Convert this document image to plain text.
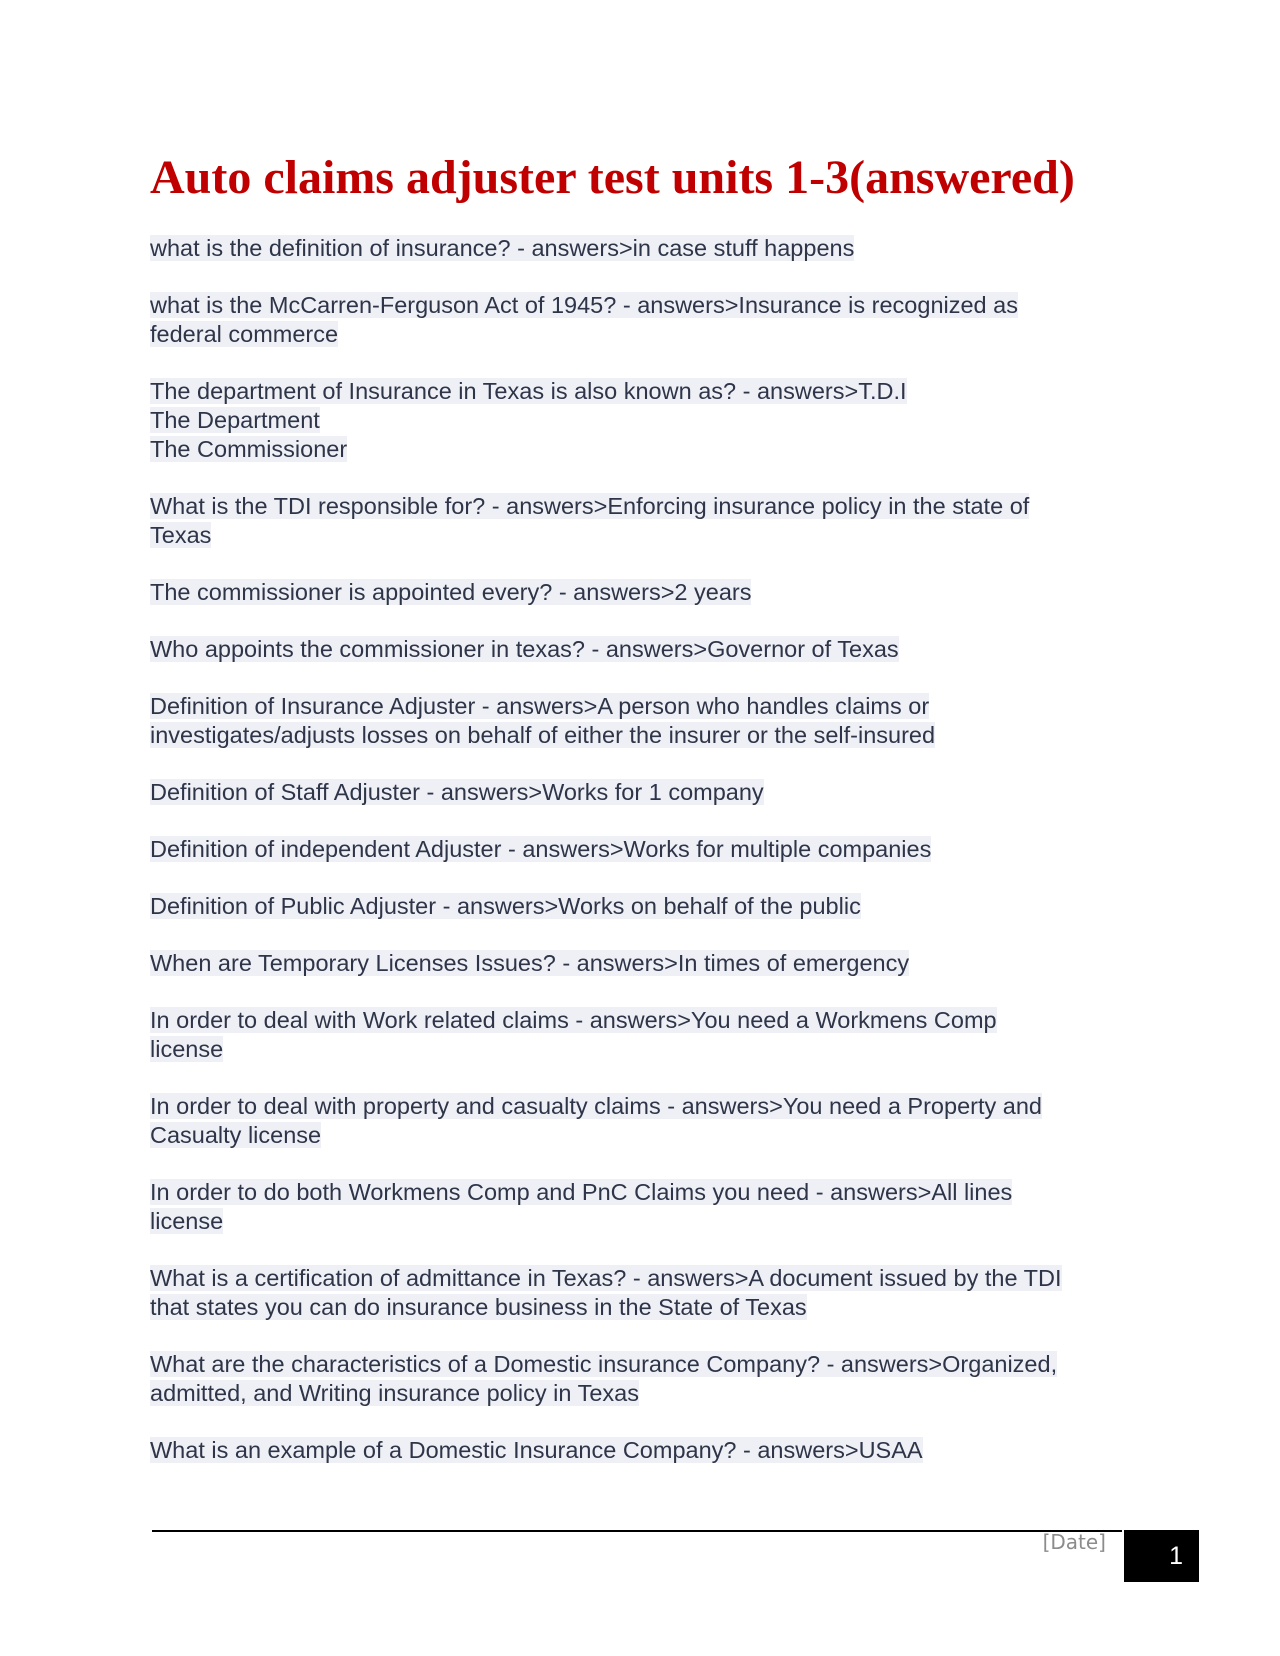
Auto claims adjuster test units 1-3(answered)

what is the definition of insurance? - answers>in case stuff happens

what is the McCarren-Ferguson Act of 1945? - answers>Insurance is recognized as
federal commerce

The department of Insurance in Texas is also known as? - answers>T.D.I
The Department
The Commissioner

What is the TDI responsible for? - answers>Enforcing insurance policy in the state of
Texas

The commissioner is appointed every? - answers>2 years

Who appoints the commissioner in texas? - answers>Governor of Texas

Definition of Insurance Adjuster - answers>A person who handles claims or
investigates/adjusts losses on behalf of either the insurer or the self-insured

Definition of Staff Adjuster - answers>Works for 1 company

Definition of independent Adjuster - answers>Works for multiple companies

Definition of Public Adjuster - answers>Works on behalf of the public

When are Temporary Licenses Issues? - answers>In times of emergency

In order to deal with Work related claims - answers>You need a Workmens Comp
license

In order to deal with property and casualty claims - answers>You need a Property and
Casualty license

In order to do both Workmens Comp and PnC Claims you need - answers>All lines
license

What is a certification of admittance in Texas? - answers>A document issued by the TDI
that states you can do insurance business in the State of Texas

What are the characteristics of a Domestic insurance Company? - answers>Organized,
admitted, and Writing insurance policy in Texas

What is an example of a Domestic Insurance Company? - answers>USAA

[Date]	1
